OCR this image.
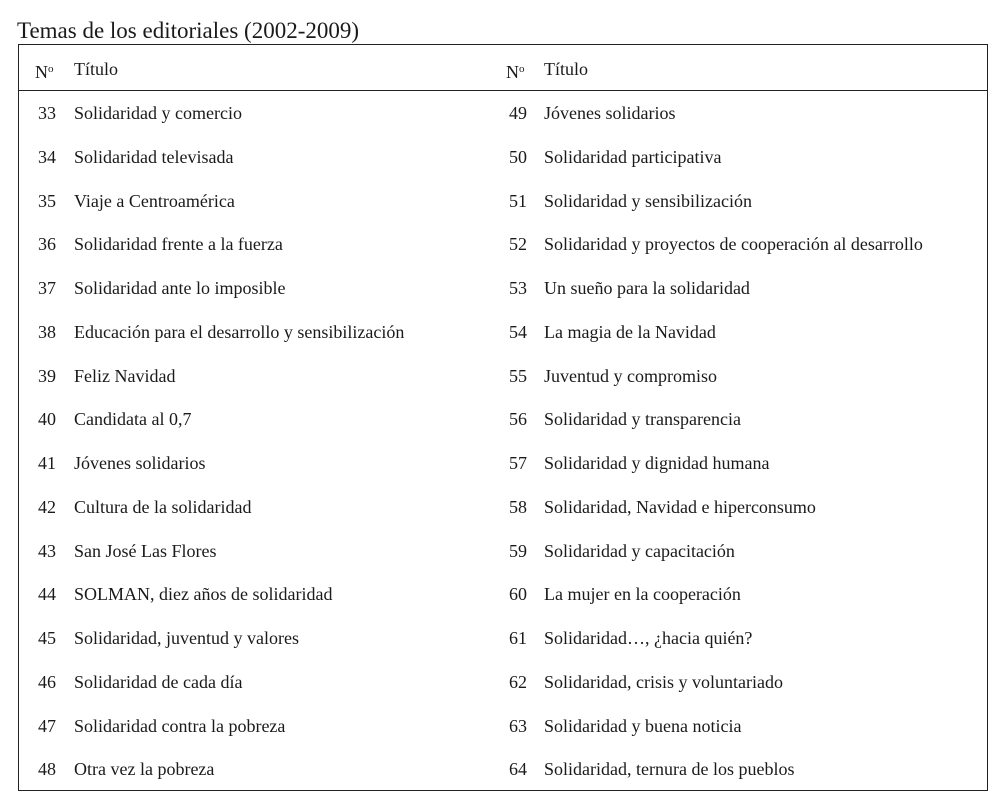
Temas de los editoriales (2002-2009)
$N^o$ Título	$N^o$ Título
33 Solidaridad y comercio
34 Solidaridad televisada
35 Viaje a Centroamérica
36 Solidaridad frente a la fuerza
37 Solidaridad ante lo imposible
38 Educación para el desarrollo y sensibilización
39 Feliz Navidad
40 Candidata al 0,7
41 Jóvenes solidarios
42 Cultura de la solidaridad
43 San José Las Flores
44 SOLMAN, diez años de solidaridad
45 Solidaridad, juventud y valores
46 Solidaridad de cada día
47 Solidaridad contra la pobreza
48 Otra vez la pobreza
49 Jóvenes solidarios
50 Solidaridad participativa
51 Solidaridad y sensibilización
52 Solidaridad y proyectos de cooperación al desarrollo
53 Un sueño para la solidaridad
54 La magia de la Navidad
55 Juventud y compromiso
56 Solidaridad y transparencia
57 Solidaridad y dignidad humana
58 Solidaridad, Navidad e hiperconsumo
59 Solidaridad y capacitación
60 La mujer en la cooperación
61 Solidaridad…, ¿hacia quién?
62 Solidaridad, crisis y voluntariado
63 Solidaridad y buena noticia
64 Solidaridad, ternura de los pueblos
